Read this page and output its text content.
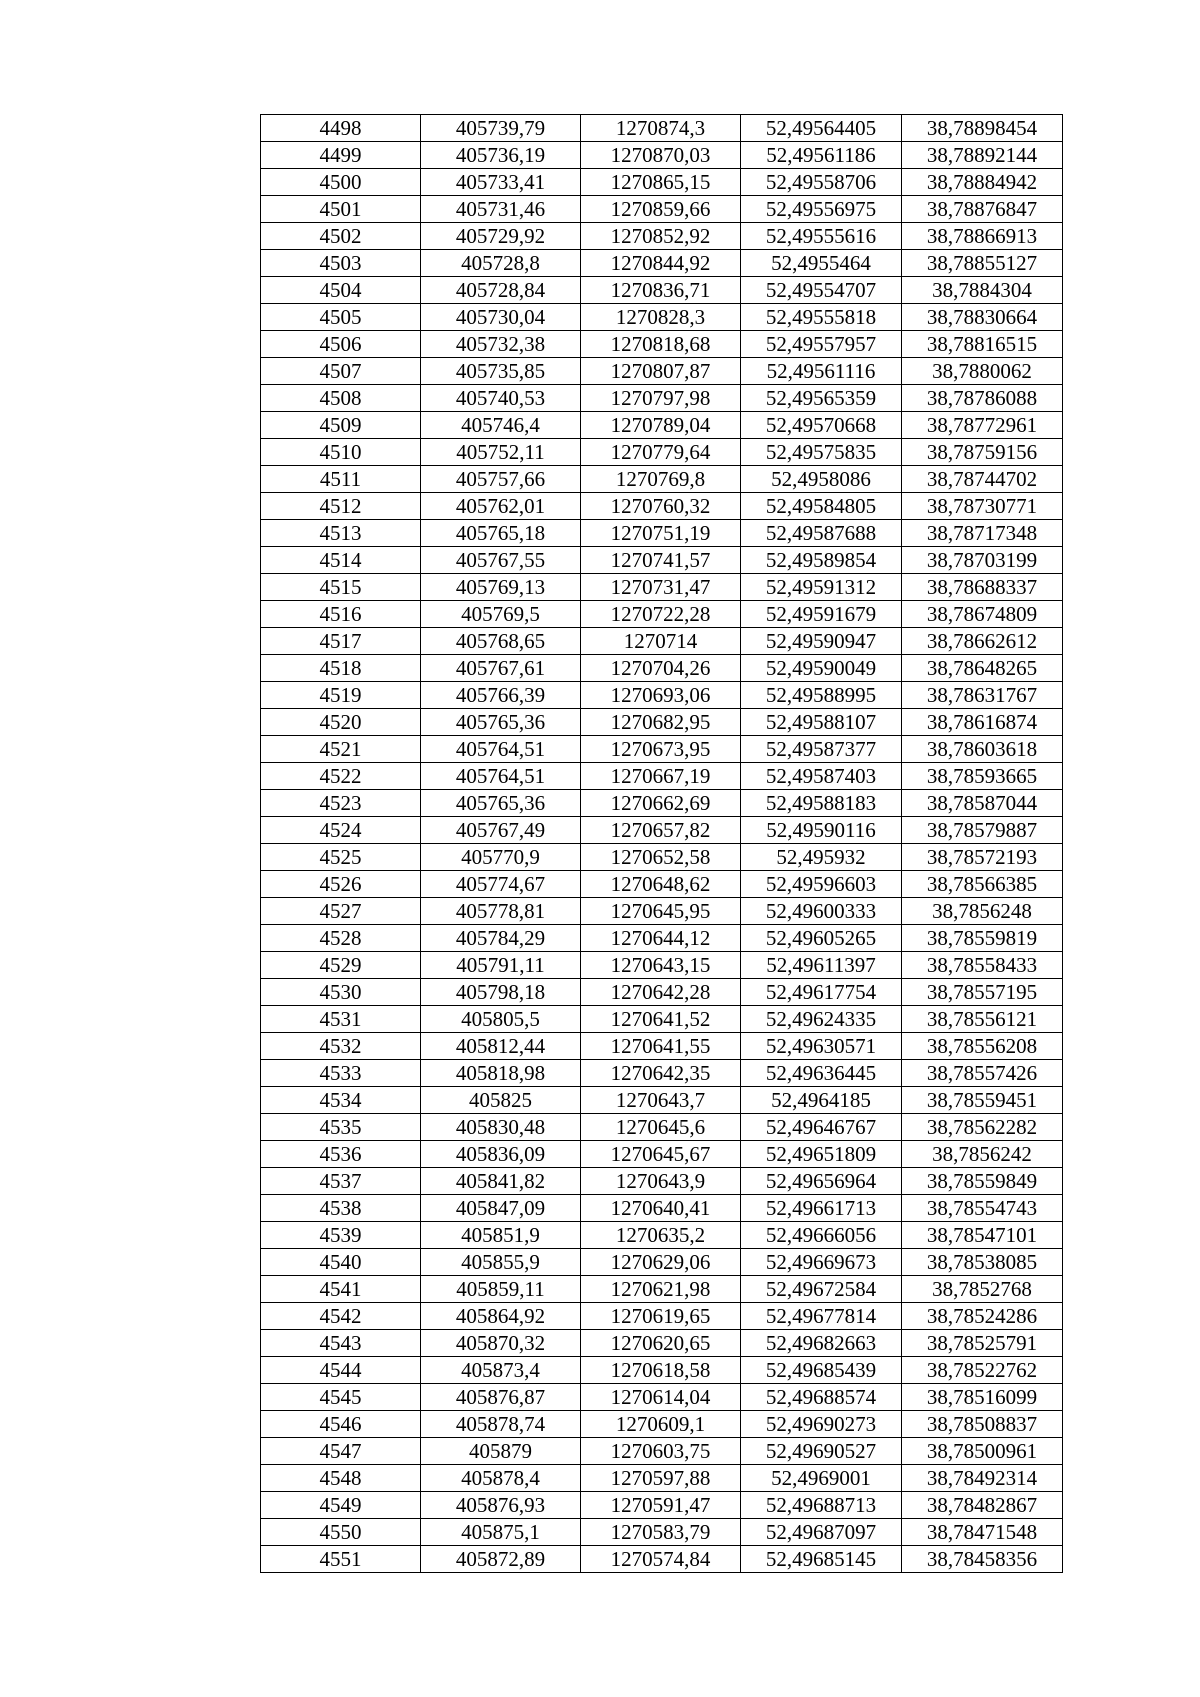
4498	405739,79	1270874,3	52,49564405	38,78898454
4499	405736,19	1270870,03	52,49561186	38,78892144
4500	405733,41	1270865,15	52,49558706	38,78884942
4501	405731,46	1270859,66	52,49556975	38,78876847
4502	405729,92	1270852,92	52,49555616	38,78866913
4503	405728,8	1270844,92	52,4955464	38,78855127
4504	405728,84	1270836,71	52,49554707	38,7884304
4505	405730,04	1270828,3	52,49555818	38,78830664
4506	405732,38	1270818,68	52,49557957	38,78816515
4507	405735,85	1270807,87	52,49561116	38,7880062
4508	405740,53	1270797,98	52,49565359	38,78786088
4509	405746,4	1270789,04	52,49570668	38,78772961
4510	405752,11	1270779,64	52,49575835	38,78759156
4511	405757,66	1270769,8	52,4958086	38,78744702
4512	405762,01	1270760,32	52,49584805	38,78730771
4513	405765,18	1270751,19	52,49587688	38,78717348
4514	405767,55	1270741,57	52,49589854	38,78703199
4515	405769,13	1270731,47	52,49591312	38,78688337
4516	405769,5	1270722,28	52,49591679	38,78674809
4517	405768,65	1270714	52,49590947	38,78662612
4518	405767,61	1270704,26	52,49590049	38,78648265
4519	405766,39	1270693,06	52,49588995	38,78631767
4520	405765,36	1270682,95	52,49588107	38,78616874
4521	405764,51	1270673,95	52,49587377	38,78603618
4522	405764,51	1270667,19	52,49587403	38,78593665
4523	405765,36	1270662,69	52,49588183	38,78587044
4524	405767,49	1270657,82	52,49590116	38,78579887
4525	405770,9	1270652,58	52,495932	38,78572193
4526	405774,67	1270648,62	52,49596603	38,78566385
4527	405778,81	1270645,95	52,49600333	38,7856248
4528	405784,29	1270644,12	52,49605265	38,78559819
4529	405791,11	1270643,15	52,49611397	38,78558433
4530	405798,18	1270642,28	52,49617754	38,78557195
4531	405805,5	1270641,52	52,49624335	38,78556121
4532	405812,44	1270641,55	52,49630571	38,78556208
4533	405818,98	1270642,35	52,49636445	38,78557426
4534	405825	1270643,7	52,4964185	38,78559451
4535	405830,48	1270645,6	52,49646767	38,78562282
4536	405836,09	1270645,67	52,49651809	38,7856242
4537	405841,82	1270643,9	52,49656964	38,78559849
4538	405847,09	1270640,41	52,49661713	38,78554743
4539	405851,9	1270635,2	52,49666056	38,78547101
4540	405855,9	1270629,06	52,49669673	38,78538085
4541	405859,11	1270621,98	52,49672584	38,7852768
4542	405864,92	1270619,65	52,49677814	38,78524286
4543	405870,32	1270620,65	52,49682663	38,78525791
4544	405873,4	1270618,58	52,49685439	38,78522762
4545	405876,87	1270614,04	52,49688574	38,78516099
4546	405878,74	1270609,1	52,49690273	38,78508837
4547	405879	1270603,75	52,49690527	38,78500961
4548	405878,4	1270597,88	52,4969001	38,78492314
4549	405876,93	1270591,47	52,49688713	38,78482867
4550	405875,1	1270583,79	52,49687097	38,78471548
4551	405872,89	1270574,84	52,49685145	38,78458356
